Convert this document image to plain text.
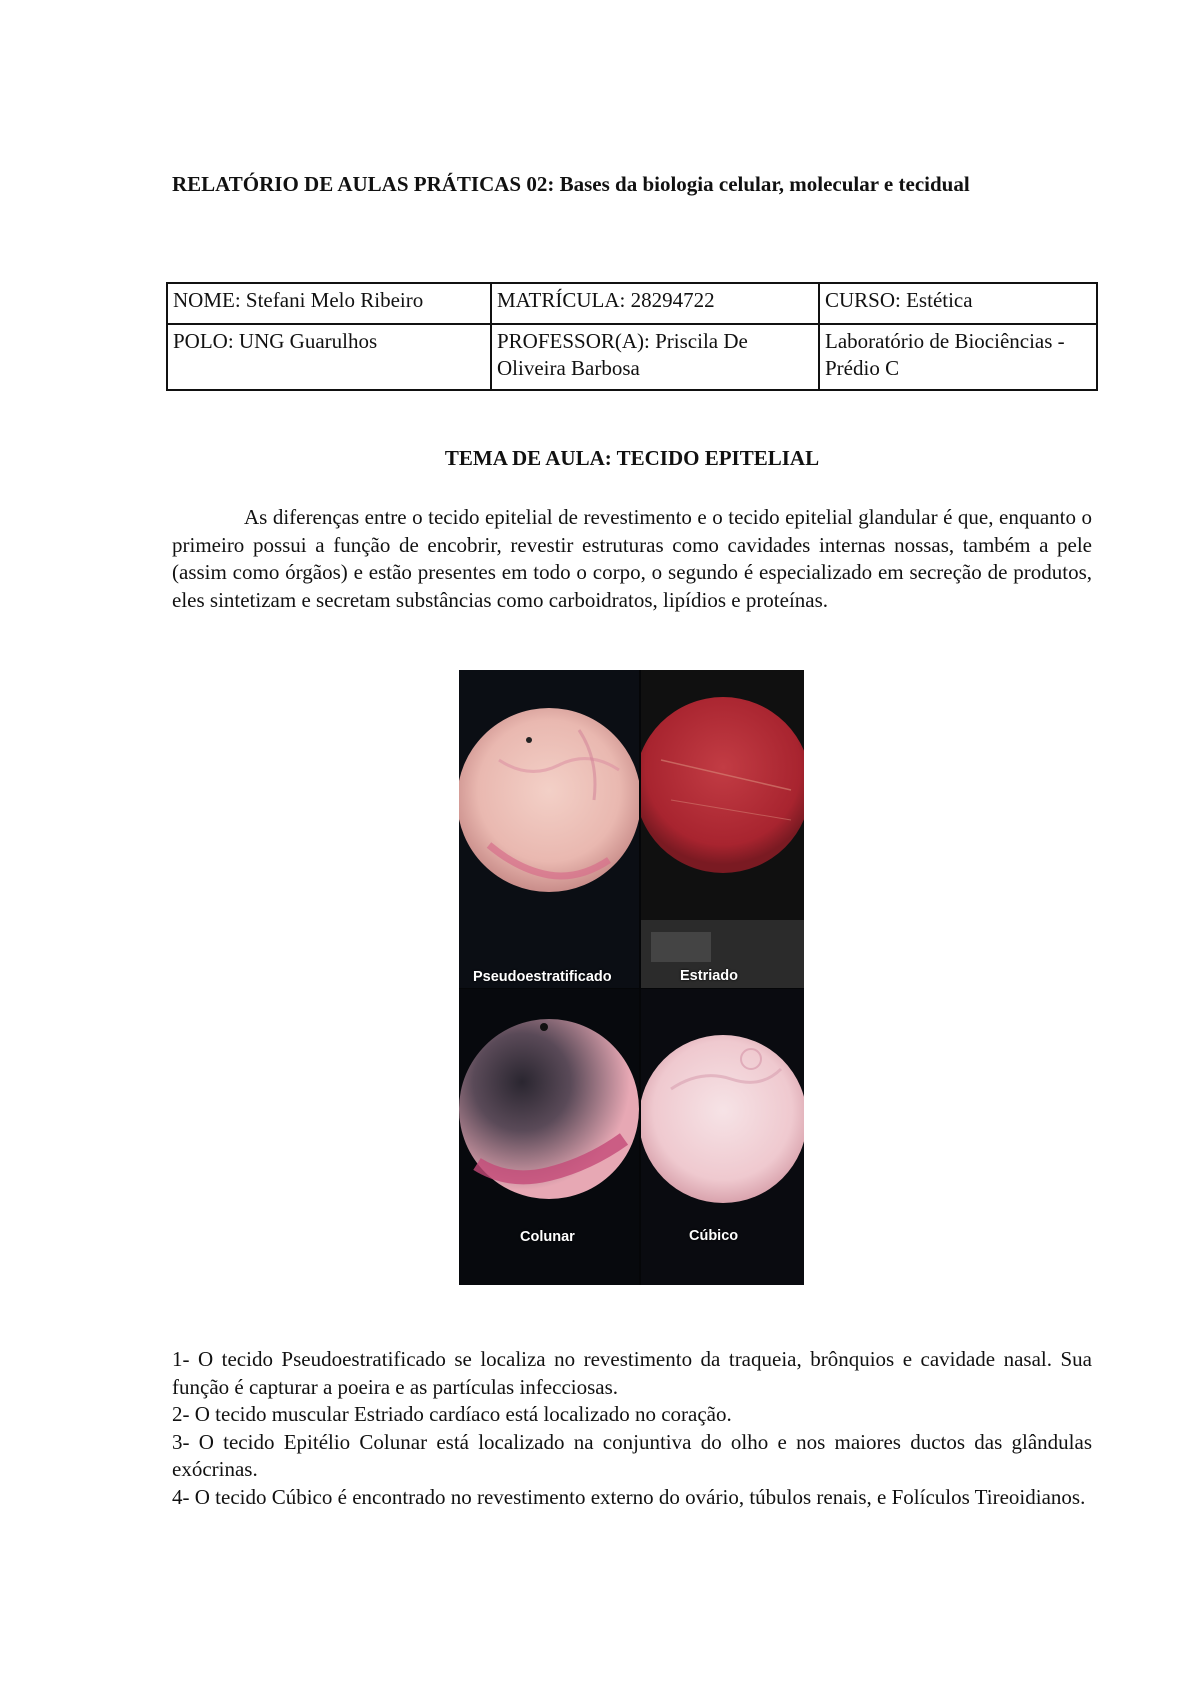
RELATÓRIO DE AULAS PRÁTICAS 02: Bases da biologia celular, molecular e tecidual
NOME: Stefani Melo Ribeiro	MATRÍCULA: 28294722	CURSO: Estética
POLO: UNG Guarulhos	PROFESSOR(A): Priscila De Oliveira Barbosa	Laboratório de Biociências - Prédio C
TEMA DE AULA: TECIDO EPITELIAL

As diferenças entre o tecido epitelial de revestimento e o tecido epitelial glandular é que, enquanto o primeiro possui a função de encobrir, revestir estruturas como cavidades internas nossas, também a pele (assim como órgãos) e estão presentes em todo o corpo, o segundo é especializado em secreção de produtos, eles sintetizam e secretam substâncias como carboidratos, lipídios e proteínas.

Pseudoestratificado	Estriado
Colunar	Cúbico

1- O tecido Pseudoestratificado se localiza no revestimento da traqueia, brônquios e cavidade nasal. Sua função é capturar a poeira e as partículas infecciosas.

2- O tecido muscular Estriado cardíaco está localizado no coração.

3- O tecido Epitélio Colunar está localizado na conjuntiva do olho e nos maiores ductos das glândulas exócrinas.

4- O tecido Cúbico é encontrado no revestimento externo do ovário, túbulos renais, e Folículos Tireoidianos.
